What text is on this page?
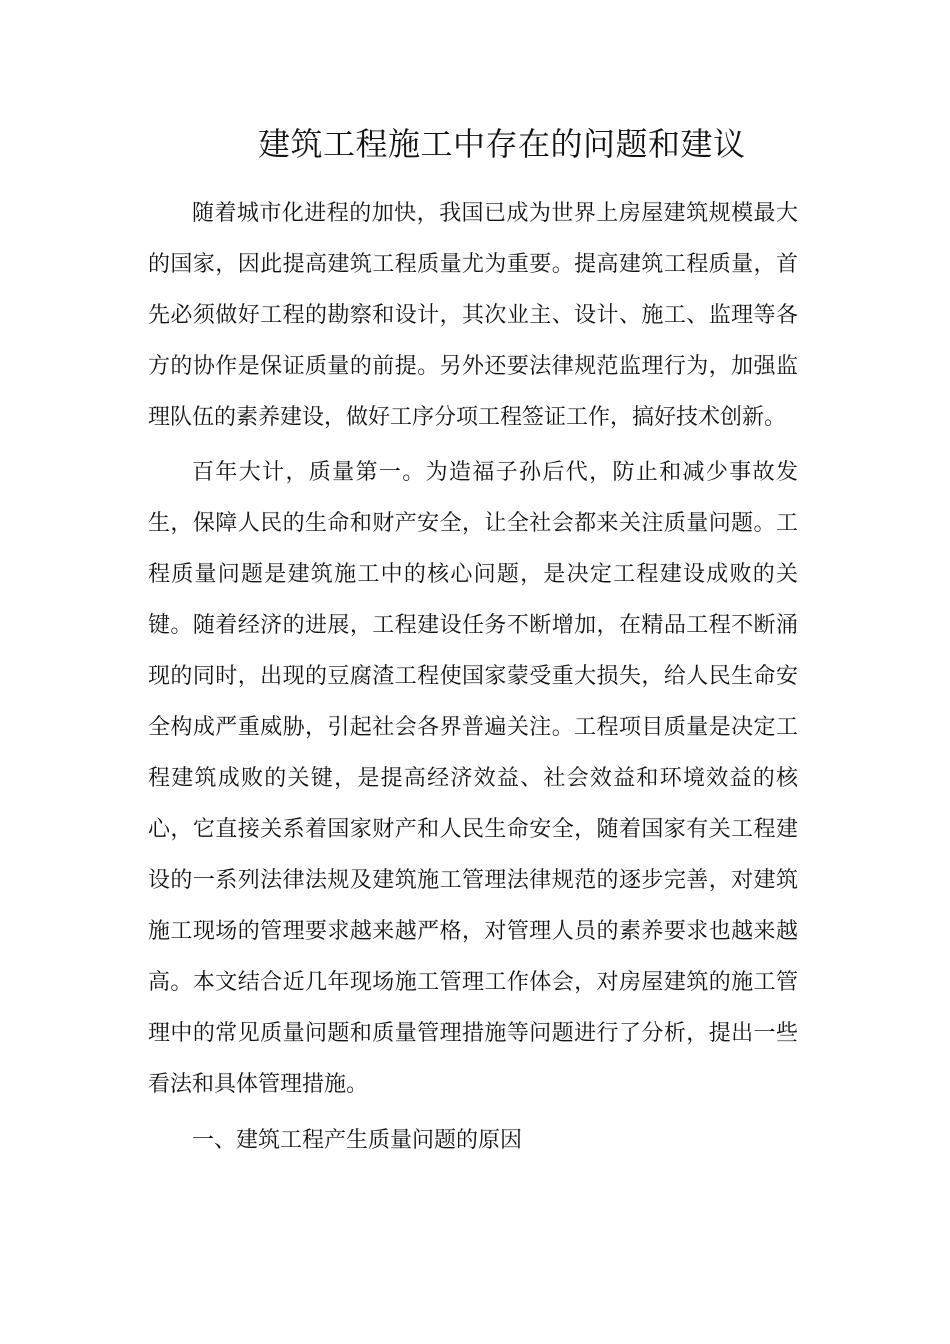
建筑工程施工中存在的问题和建议

随着城市化进程的加快，我国已成为世界上房屋建筑规模最大的国家，因此提高建筑工程质量尤为重要。提高建筑工程质量，首先必须做好工程的勘察和设计，其次业主、设计、施工、监理等各方的协作是保证质量的前提。另外还要法律规范监理行为，加强监理队伍的素养建设，做好工序分项工程签证工作，搞好技术创新。

百年大计，质量第一。为造福子孙后代，防止和减少事故发生，保障人民的生命和财产安全，让全社会都来关注质量问题。工程质量问题是建筑施工中的核心问题，是决定工程建设成败的关键。随着经济的进展，工程建设任务不断增加，在精品工程不断涌现的同时，出现的豆腐渣工程使国家蒙受重大损失，给人民生命安全构成严重威胁，引起社会各界普遍关注。工程项目质量是决定工程建筑成败的关键，是提高经济效益、社会效益和环境效益的核心，它直接关系着国家财产和人民生命安全，随着国家有关工程建设的一系列法律法规及建筑施工管理法律规范的逐步完善，对建筑施工现场的管理要求越来越严格，对管理人员的素养要求也越来越高。本文结合近几年现场施工管理工作体会，对房屋建筑的施工管理中的常见质量问题和质量管理措施等问题进行了分析，提出一些看法和具体管理措施。

一、建筑工程产生质量问题的原因
